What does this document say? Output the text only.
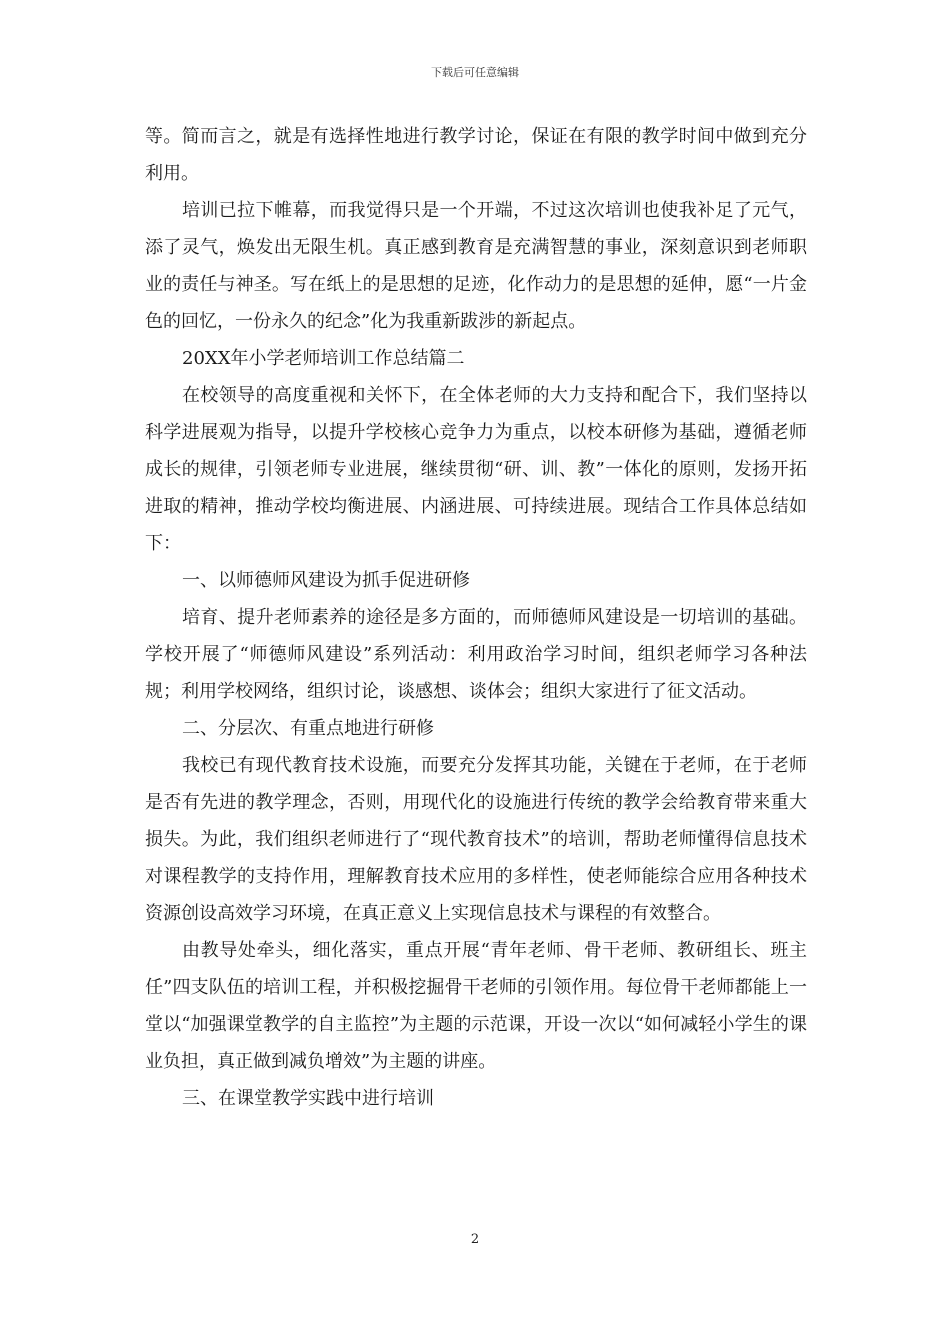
下载后可任意编辑

等。简而言之，就是有选择性地进行教学讨论，保证在有限的教学时间中做到充分利用。

培训已拉下帷幕，而我觉得只是一个开端，不过这次培训也使我补足了元气，添了灵气，焕发出无限生机。真正感到教育是充满智慧的事业，深刻意识到老师职业的责任与神圣。写在纸上的是思想的足迹，化作动力的是思想的延伸，愿“一片金色的回忆，一份永久的纪念”化为我重新跋涉的新起点。

20XX年小学老师培训工作总结篇二

在校领导的高度重视和关怀下，在全体老师的大力支持和配合下，我们坚持以科学进展观为指导，以提升学校核心竞争力为重点，以校本研修为基础，遵循老师成长的规律，引领老师专业进展，继续贯彻“研、训、教”一体化的原则，发扬开拓进取的精神，推动学校均衡进展、内涵进展、可持续进展。现结合工作具体总结如下：

一、以师德师风建设为抓手促进研修

培育、提升老师素养的途径是多方面的，而师德师风建设是一切培训的基础。学校开展了“师德师风建设”系列活动：利用政治学习时间，组织老师学习各种法规；利用学校网络，组织讨论，谈感想、谈体会；组织大家进行了征文活动。

二、分层次、有重点地进行研修

我校已有现代教育技术设施，而要充分发挥其功能，关键在于老师，在于老师是否有先进的教学理念，否则，用现代化的设施进行传统的教学会给教育带来重大损失。为此，我们组织老师进行了“现代教育技术”的培训，帮助老师懂得信息技术对课程教学的支持作用，理解教育技术应用的多样性，使老师能综合应用各种技术资源创设高效学习环境，在真正意义上实现信息技术与课程的有效整合。

由教导处牵头，细化落实，重点开展“青年老师、骨干老师、教研组长、班主任”四支队伍的培训工程，并积极挖掘骨干老师的引领作用。每位骨干老师都能上一堂以“加强课堂教学的自主监控”为主题的示范课，开设一次以“如何减轻小学生的课业负担，真正做到减负增效”为主题的讲座。

三、在课堂教学实践中进行培训

2
